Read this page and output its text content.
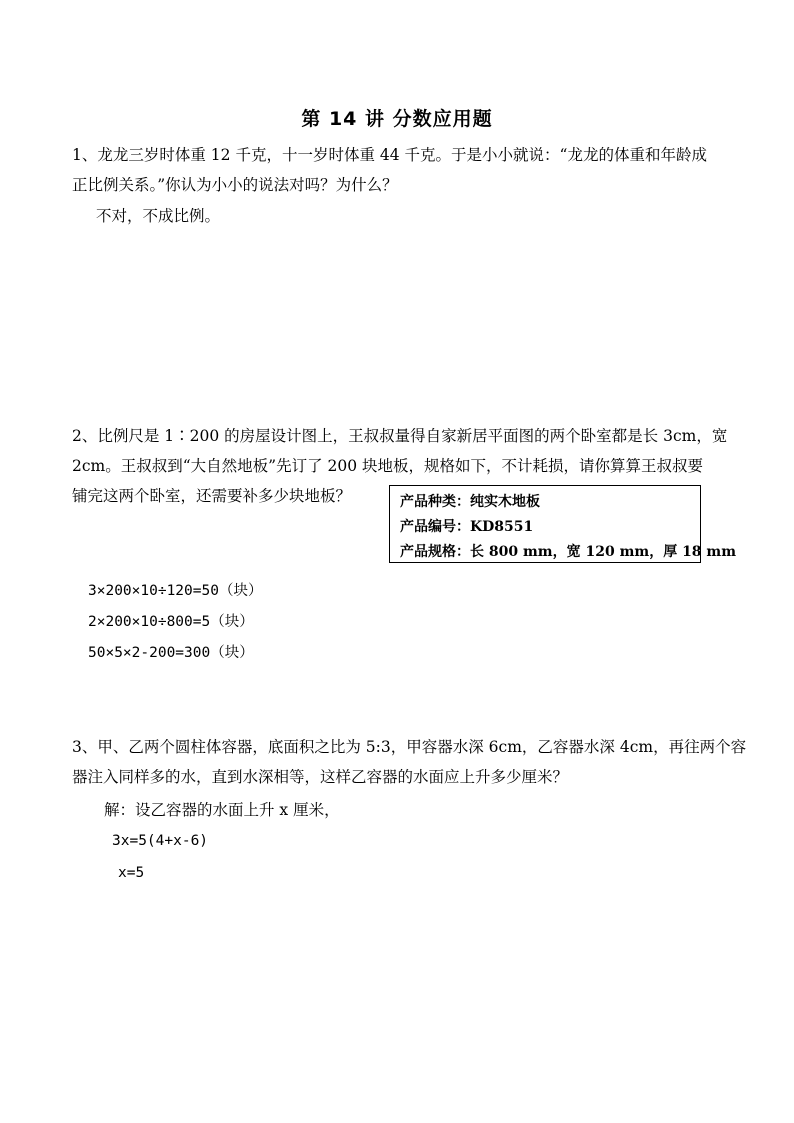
第 14 讲 分数应用题
1、龙龙三岁时体重 12 千克，十一岁时体重 44 千克。于是小小就说：“龙龙的体重和年龄成
正比例关系。”你认为小小的说法对吗？为什么？
不对，不成比例。
2、比例尺是 1∶200 的房屋设计图上，王叔叔量得自家新居平面图的两个卧室都是长 3cm，宽
2cm。王叔叔到“大自然地板”先订了 200 块地板，规格如下，不计耗损，请你算算王叔叔要
铺完这两个卧室，还需要补多少块地板？	产品种类：纯实木地板
产品编号：KD8551
产品规格：长 800 mm，宽 120 mm，厚 18 mm
3×200×10÷120=50（块）
2×200×10÷800=5（块）
50×5×2-200=300（块）
3、甲、乙两个圆柱体容器，底面积之比为 5:3，甲容器水深 6cm，乙容器水深 4cm，再往两个容
器注入同样多的水，直到水深相等，这样乙容器的水面应上升多少厘米？
解：设乙容器的水面上升 x 厘米，
3x=5(4+x-6)
x=5
